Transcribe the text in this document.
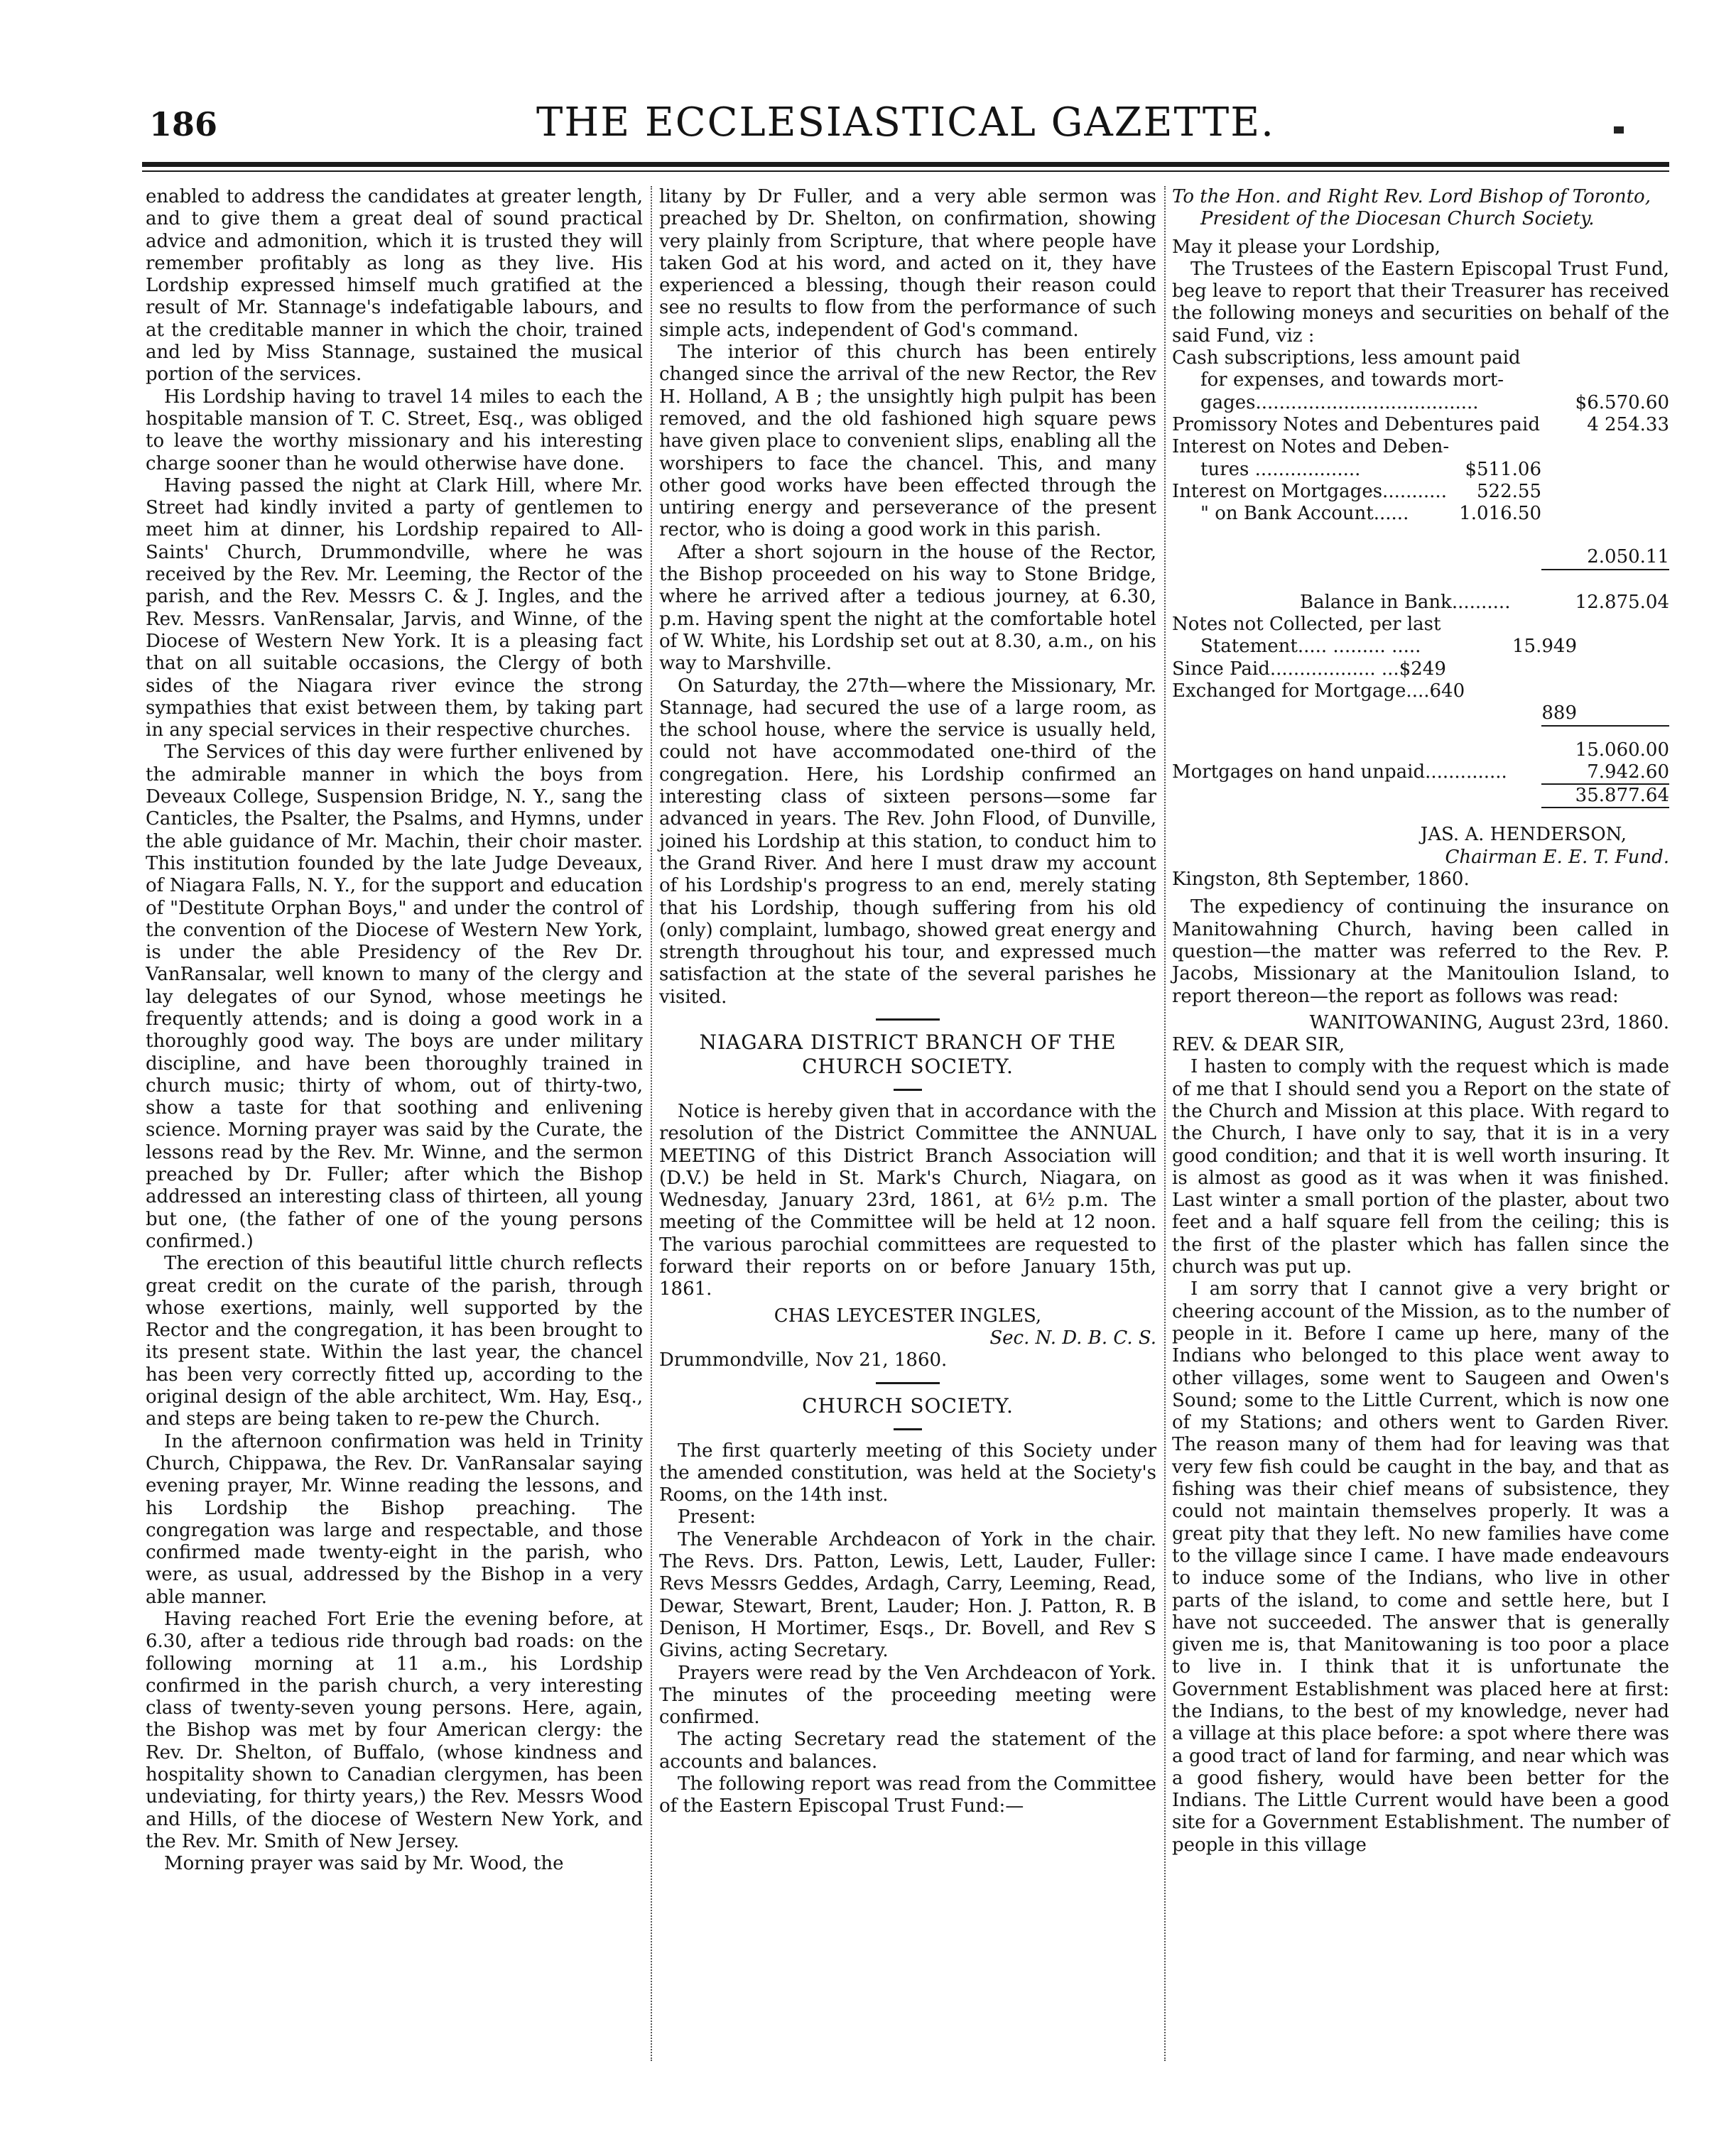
186	THE ECCLESIASTICAL GAZETTE.

enabled to address the candidates at greater length, and to give them a great deal of sound practical advice and admonition, which it is trusted they will remember profitably as long as they live. His Lordship expressed himself much gratified at the result of Mr. Stannage's indefatigable labours, and at the creditable manner in which the choir, trained and led by Miss Stannage, sustained the musical portion of the services.

His Lordship having to travel 14 miles to each the hospitable mansion of T. C. Street, Esq., was obliged to leave the worthy missionary and his interesting charge sooner than he would otherwise have done.

Having passed the night at Clark Hill, where Mr. Street had kindly invited a party of gentlemen to meet him at dinner, his Lordship repaired to All-Saints' Church, Drummondville, where he was received by the Rev. Mr. Leeming, the Rector of the parish, and the Rev. Messrs C. & J. Ingles, and the Rev. Messrs. VanRensalar, Jarvis, and Winne, of the Diocese of Western New York. It is a pleasing fact that on all suitable occasions, the Clergy of both sides of the Niagara river evince the strong sympathies that exist between them, by taking part in any special services in their respective churches.

The Services of this day were further enlivened by the admirable manner in which the boys from Deveaux College, Suspension Bridge, N. Y., sang the Canticles, the Psalter, the Psalms, and Hymns, under the able guidance of Mr. Machin, their choir master. This institution founded by the late Judge Deveaux, of Niagara Falls, N. Y., for the support and education of "Destitute Orphan Boys," and under the control of the convention of the Diocese of Western New York, is under the able Presidency of the Rev Dr. VanRansalar, well known to many of the clergy and lay delegates of our Synod, whose meetings he frequently attends; and is doing a good work in a thoroughly good way. The boys are under military discipline, and have been thoroughly trained in church music; thirty of whom, out of thirty-two, show a taste for that soothing and enlivening science. Morning prayer was said by the Curate, the lessons read by the Rev. Mr. Winne, and the sermon preached by Dr. Fuller; after which the Bishop addressed an interesting class of thirteen, all young but one, (the father of one of the young persons confirmed.)

The erection of this beautiful little church reflects great credit on the curate of the parish, through whose exertions, mainly, well supported by the Rector and the congregation, it has been brought to its present state. Within the last year, the chancel has been very correctly fitted up, according to the original design of the able architect, Wm. Hay, Esq., and steps are being taken to re-pew the Church.

In the afternoon confirmation was held in Trinity Church, Chippawa, the Rev. Dr. VanRansalar saying evening prayer, Mr. Winne reading the lessons, and his Lordship the Bishop preaching. The congregation was large and respectable, and those confirmed made twenty-eight in the parish, who were, as usual, addressed by the Bishop in a very able manner.

Having reached Fort Erie the evening before, at 6.30, after a tedious ride through bad roads: on the following morning at 11 a.m., his Lordship confirmed in the parish church, a very interesting class of twenty-seven young persons. Here, again, the Bishop was met by four American clergy: the Rev. Dr. Shelton, of Buffalo, (whose kindness and hospitality shown to Canadian clergymen, has been undeviating, for thirty years,) the Rev. Messrs Wood and Hills, of the diocese of Western New York, and the Rev. Mr. Smith of New Jersey.

Morning prayer was said by Mr. Wood, the

litany by Dr Fuller, and a very able sermon was preached by Dr. Shelton, on confirmation, showing very plainly from Scripture, that where people have taken God at his word, and acted on it, they have experienced a blessing, though their reason could see no results to flow from the performance of such simple acts, independent of God's command.

The interior of this church has been entirely changed since the arrival of the new Rector, the Rev H. Holland, A B ; the unsightly high pulpit has been removed, and the old fashioned high square pews have given place to convenient slips, enabling all the worshipers to face the chancel. This, and many other good works have been effected through the untiring energy and perseverance of the present rector, who is doing a good work in this parish.

After a short sojourn in the house of the Rector, the Bishop proceeded on his way to Stone Bridge, where he arrived after a tedious journey, at 6.30, p.m. Having spent the night at the comfortable hotel of W. White, his Lordship set out at 8.30, a.m., on his way to Marshville.

On Saturday, the 27th—where the Missionary, Mr. Stannage, had secured the use of a large room, as the school house, where the service is usually held, could not have accommodated one-third of the congregation. Here, his Lordship confirmed an interesting class of sixteen persons—some far advanced in years. The Rev. John Flood, of Dunville, joined his Lordship at this station, to conduct him to the Grand River. And here I must draw my account of his Lordship's progress to an end, merely stating that his Lordship, though suffering from his old (only) complaint, lumbago, showed great energy and strength throughout his tour, and expressed much satisfaction at the state of the several parishes he visited.

NIAGARA DISTRICT BRANCH OF THE
CHURCH SOCIETY.

Notice is hereby given that in accordance with the resolution of the District Committee the ANNUAL MEETING of this District Branch Association will (D.V.) be held in St. Mark's Church, Niagara, on Wednesday, January 23rd, 1861, at 6½ p.m. The meeting of the Committee will be held at 12 noon. The various parochial committees are requested to forward their reports on or before January 15th, 1861.

CHAS LEYCESTER INGLES,
Sec. N. D. B. C. S.

Drummondville, Nov 21, 1860.

CHURCH SOCIETY.

The first quarterly meeting of this Society under the amended constitution, was held at the Society's Rooms, on the 14th inst.

Present:

The Venerable Archdeacon of York in the chair. The Revs. Drs. Patton, Lewis, Lett, Lauder, Fuller: Revs Messrs Geddes, Ardagh, Carry, Leeming, Read, Dewar, Stewart, Brent, Lauder; Hon. J. Patton, R. B Denison, H Mortimer, Esqs., Dr. Bovell, and Rev S Givins, acting Secretary.

Prayers were read by the Ven Archdeacon of York. The minutes of the proceeding meeting were confirmed.

The acting Secretary read the statement of the accounts and balances.

The following report was read from the Committee of the Eastern Episcopal Trust Fund:—

To the Hon. and Right Rev. Lord Bishop of Toronto,
President of the Diocesan Church Society.

May it please your Lordship,

The Trustees of the Eastern Episcopal Trust Fund, beg leave to report that their Treasurer has received the following moneys and securities on behalf of the said Fund, viz :

Cash subscriptions, less amount paid
for expenses, and towards mort-
gages......................................	$6.570.60
Promissory Notes and Debentures paid	4 254.33
Interest on Notes and Deben-
tures ..................	$511.06
Interest on Mortgages...........	522.55
" on Bank Account......	1.016.50
2.050.11
Balance in Bank..........	12.875.04
Notes not Collected, per last
Statement..... ......... .....	15.949
Since Paid.................. ...$249
Exchanged for Mortgage....640
889
15.060.00
Mortgages on hand unpaid..............	7.942.60
35.877.64
JAS. A. HENDERSON,
Chairman E. E. T. Fund.

Kingston, 8th September, 1860.

The expediency of continuing the insurance on Manitowahning Church, having been called in question—the matter was referred to the Rev. P. Jacobs, Missionary at the Manitoulion Island, to report thereon—the report as follows was read:

WANITOWANING, August 23rd, 1860.

REV. & DEAR SIR,

I hasten to comply with the request which is made of me that I should send you a Report on the state of the Church and Mission at this place. With regard to the Church, I have only to say, that it is in a very good condition; and that it is well worth insuring. It is almost as good as it was when it was finished. Last winter a small portion of the plaster, about two feet and a half square fell from the ceiling; this is the first of the plaster which has fallen since the church was put up.

I am sorry that I cannot give a very bright or cheering account of the Mission, as to the number of people in it. Before I came up here, many of the Indians who belonged to this place went away to other villages, some went to Saugeen and Owen's Sound; some to the Little Current, which is now one of my Stations; and others went to Garden River. The reason many of them had for leaving was that very few fish could be caught in the bay, and that as fishing was their chief means of subsistence, they could not maintain themselves properly. It was a great pity that they left. No new families have come to the village since I came. I have made endeavours to induce some of the Indians, who live in other parts of the island, to come and settle here, but I have not succeeded. The answer that is generally given me is, that Manitowaning is too poor a place to live in. I think that it is unfortunate the Government Establishment was placed here at first: the Indians, to the best of my knowledge, never had a village at this place before: a spot where there was a good tract of land for farming, and near which was a good fishery, would have been better for the Indians. The Little Current would have been a good site for a Government Establishment. The number of people in this village
